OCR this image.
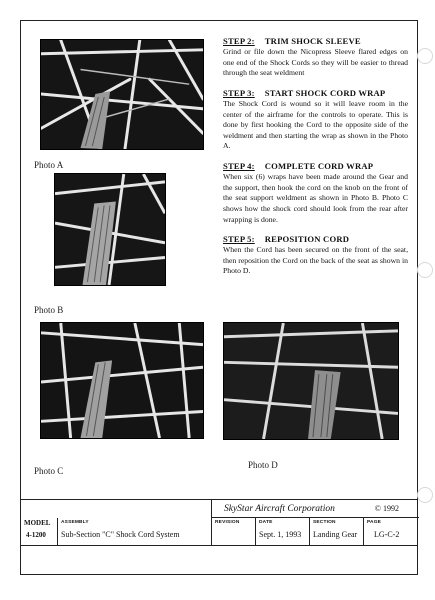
Photo A
Photo B
Photo C
Photo D
STEP 2: TRIM SHOCK SLEEVE
Grind or file down the Nicopress Sleeve flared edges on one end of the Shock Cords so they will be easier to thread through the seat weldment
STEP 3: START SHOCK CORD WRAP
The Shock Cord is wound so it will leave room in the center of the airframe for the controls to operate. This is done by first hooking the Cord to the opposite side of the weldment and then starting the wrap as shown in the Photo A.
STEP 4: COMPLETE CORD WRAP
When six (6) wraps have been made around the Gear and the support, then hook the cord on the knob on the front of the seat support weldment as shown in Photo B. Photo C shows how the shock cord should look from the rear after wrapping is done.
STEP 5: REPOSITION CORD
When the Cord has been secured on the front of the seat, then reposition the Cord on the back of the seat as shown in Photo D.
SkyStar Aircraft Corporation	© 1992
MODEL
4-1200
ASSEMBLY
Sub-Section "C" Shock Cord System
REVISION	DATE
Sept. 1, 1993
SECTION
Landing Gear
PAGE
LG-C-2
